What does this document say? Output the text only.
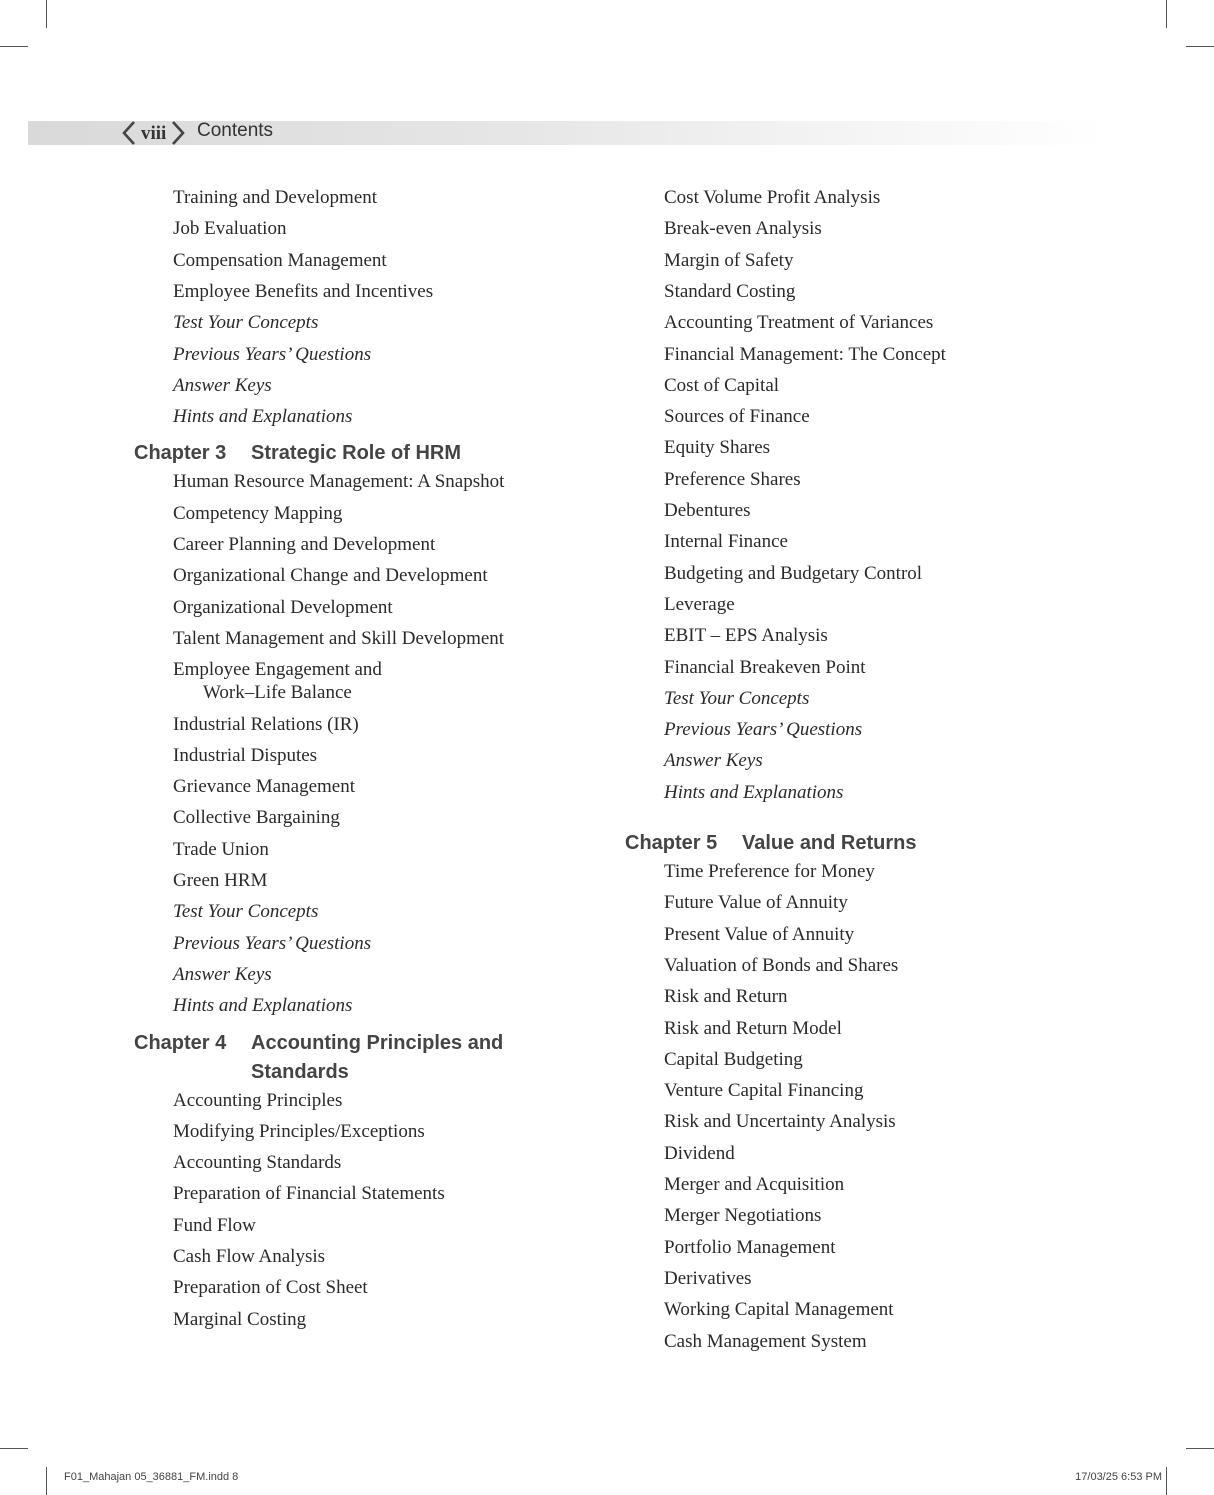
viii Contents
Training and Development
Job Evaluation
Compensation Management
Employee Benefits and Incentives
Test Your Concepts
Previous Years’ Questions
Answer Keys
Hints and Explanations
Chapter 3 Strategic Role of HRM
Human Resource Management: A Snapshot
Competency Mapping
Career Planning and Development
Organizational Change and Development
Organizational Development
Talent Management and Skill Development
Employee Engagement and
Work–Life Balance
Industrial Relations (IR)
Industrial Disputes
Grievance Management
Collective Bargaining
Trade Union
Green HRM
Test Your Concepts
Previous Years’ Questions
Answer Keys
Hints and Explanations
Chapter 4 Accounting Principles and
Standards
Accounting Principles
Modifying Principles/Exceptions
Accounting Standards
Preparation of Financial Statements
Fund Flow
Cash Flow Analysis
Preparation of Cost Sheet
Marginal Costing
Cost Volume Profit Analysis
Break-even Analysis
Margin of Safety
Standard Costing
Accounting Treatment of Variances
Financial Management: The Concept
Cost of Capital
Sources of Finance
Equity Shares
Preference Shares
Debentures
Internal Finance
Budgeting and Budgetary Control
Leverage
EBIT – EPS Analysis
Financial Breakeven Point
Test Your Concepts
Previous Years’ Questions
Answer Keys
Hints and Explanations
Chapter 5 Value and Returns
Time Preference for Money
Future Value of Annuity
Present Value of Annuity
Valuation of Bonds and Shares
Risk and Return
Risk and Return Model
Capital Budgeting
Venture Capital Financing
Risk and Uncertainty Analysis
Dividend
Merger and Acquisition
Merger Negotiations
Portfolio Management
Derivatives
Working Capital Management
Cash Management System
F01_Mahajan 05_36881_FM.indd 8	17/03/25 6:53 PM
